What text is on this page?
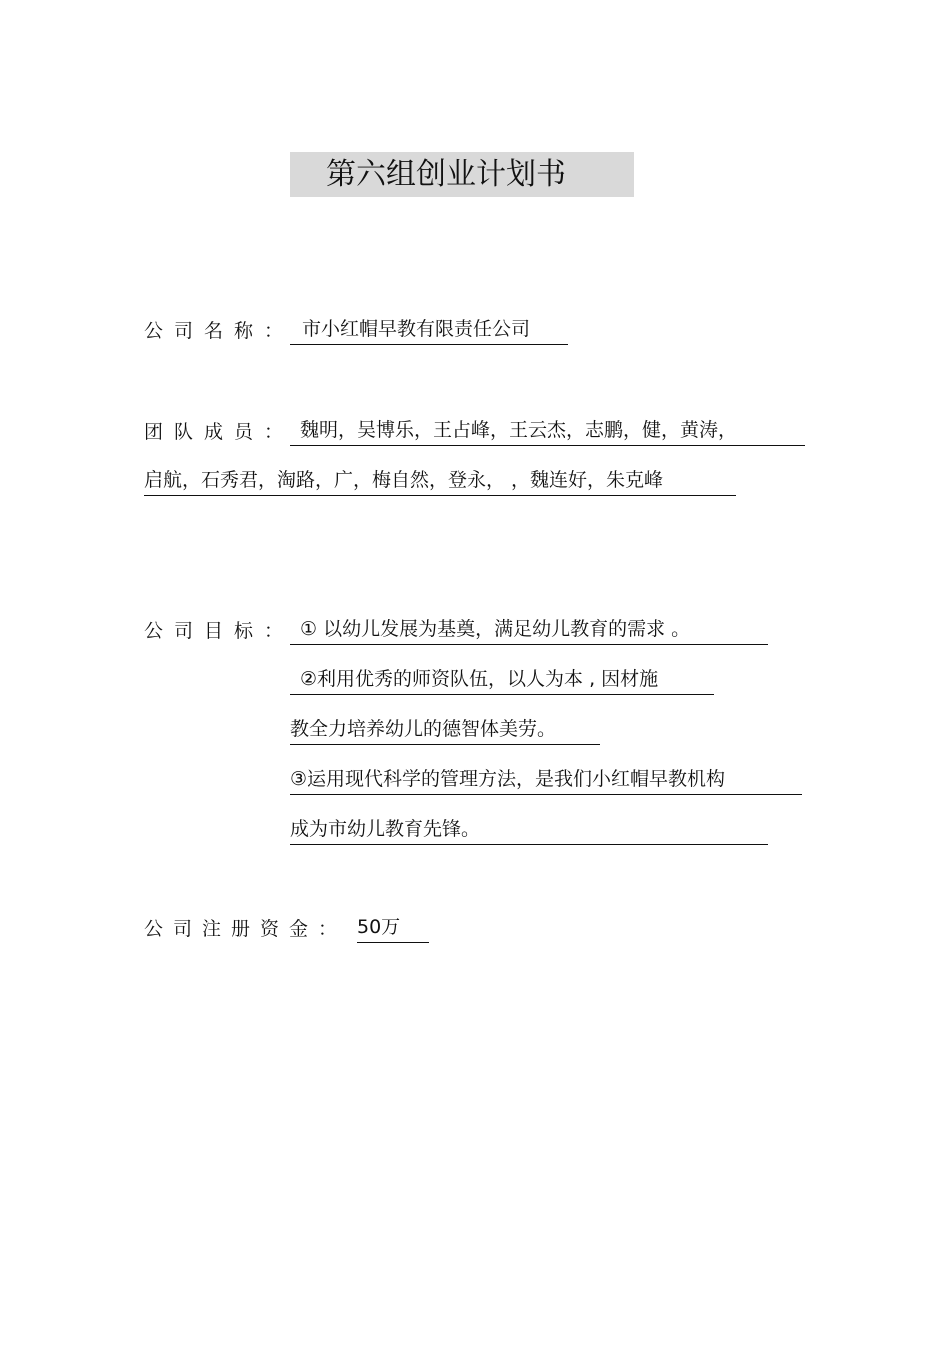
第六组创业计划书
公司名称： 市小红帽早教有限责任公司
团队成员： 魏明，吴博乐，王占峰，王云杰，志鹏，健，黄涛，
启航，石秀君，淘路，广，梅自然，登永， ，魏连好，朱克峰
公司目标： ① 以幼儿发展为基奠，满足幼儿教育的需求 。
②利用优秀的师资队伍，以人为本 , 因材施
教全力培养幼儿的德智体美劳。
③运用现代科学的管理方法，是我们小红帽早教机构
成为市幼儿教育先锋。
公司注册资金： 50万
